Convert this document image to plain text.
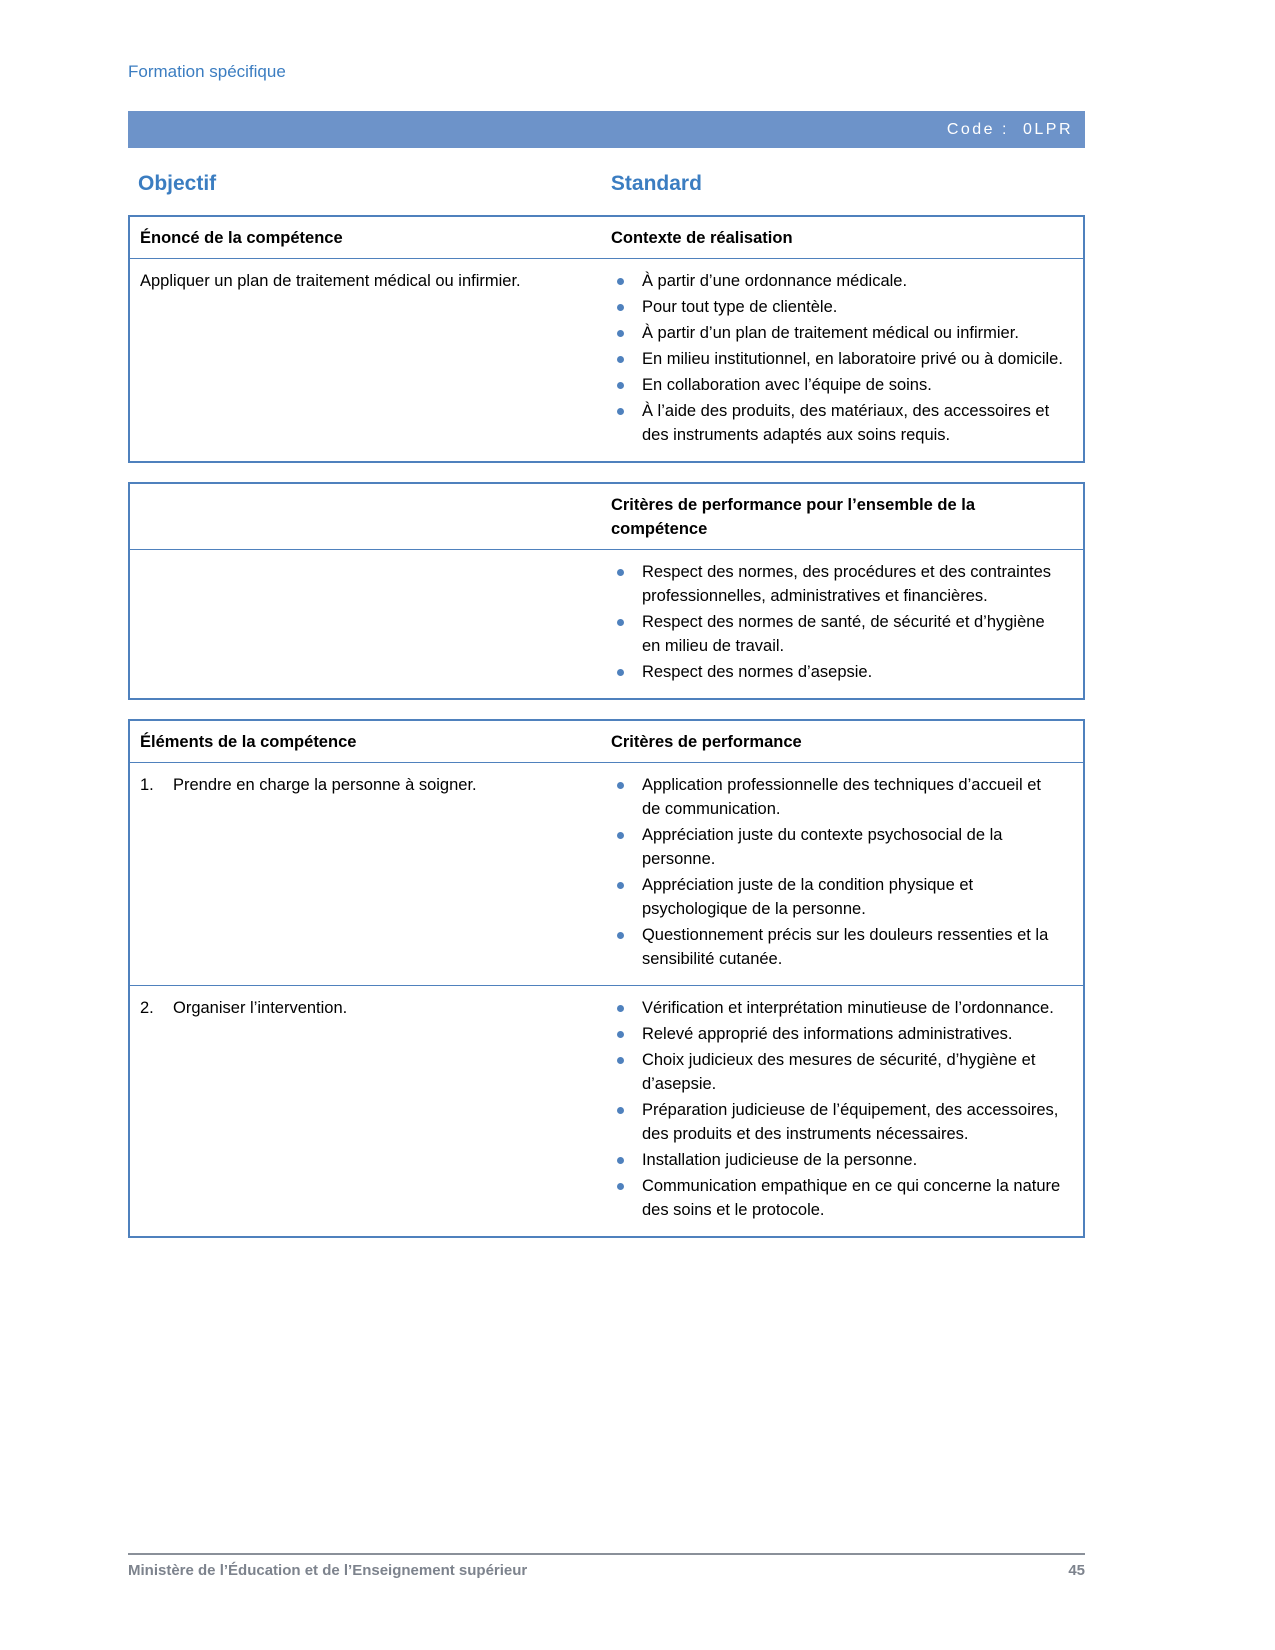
Formation spécifique
Code : 0LPR
Objectif	Standard
Énoncé de la compétence	Contexte de réalisation
Appliquer un plan de traitement médical ou infirmier.	À partir d’une ordonnance médicale.
Pour tout type de clientèle.
À partir d’un plan de traitement médical ou infirmier.
En milieu institutionnel, en laboratoire privé ou à domicile.
En collaboration avec l’équipe de soins.
À l’aide des produits, des matériaux, des accessoires et des instruments adaptés aux soins requis.
Critères de performance pour l’ensemble de la compétence
Respect des normes, des procédures et des contraintes professionnelles, administratives et financières.
Respect des normes de santé, de sécurité et d’hygiène en milieu de travail.
Respect des normes d’asepsie.
Éléments de la compétence	Critères de performance
1.	Prendre en charge la personne à soigner.	Application professionnelle des techniques d’accueil et de communication.
Appréciation juste du contexte psychosocial de la personne.
Appréciation juste de la condition physique et psychologique de la personne.
Questionnement précis sur les douleurs ressenties et la sensibilité cutanée.
2.	Organiser l’intervention.	Vérification et interprétation minutieuse de l’ordonnance.
Relevé approprié des informations administratives.
Choix judicieux des mesures de sécurité, d’hygiène et d’asepsie.
Préparation judicieuse de l’équipement, des accessoires, des produits et des instruments nécessaires.
Installation judicieuse de la personne.
Communication empathique en ce qui concerne la nature des soins et le protocole.
Ministère de l’Éducation et de l’Enseignement supérieur	45
